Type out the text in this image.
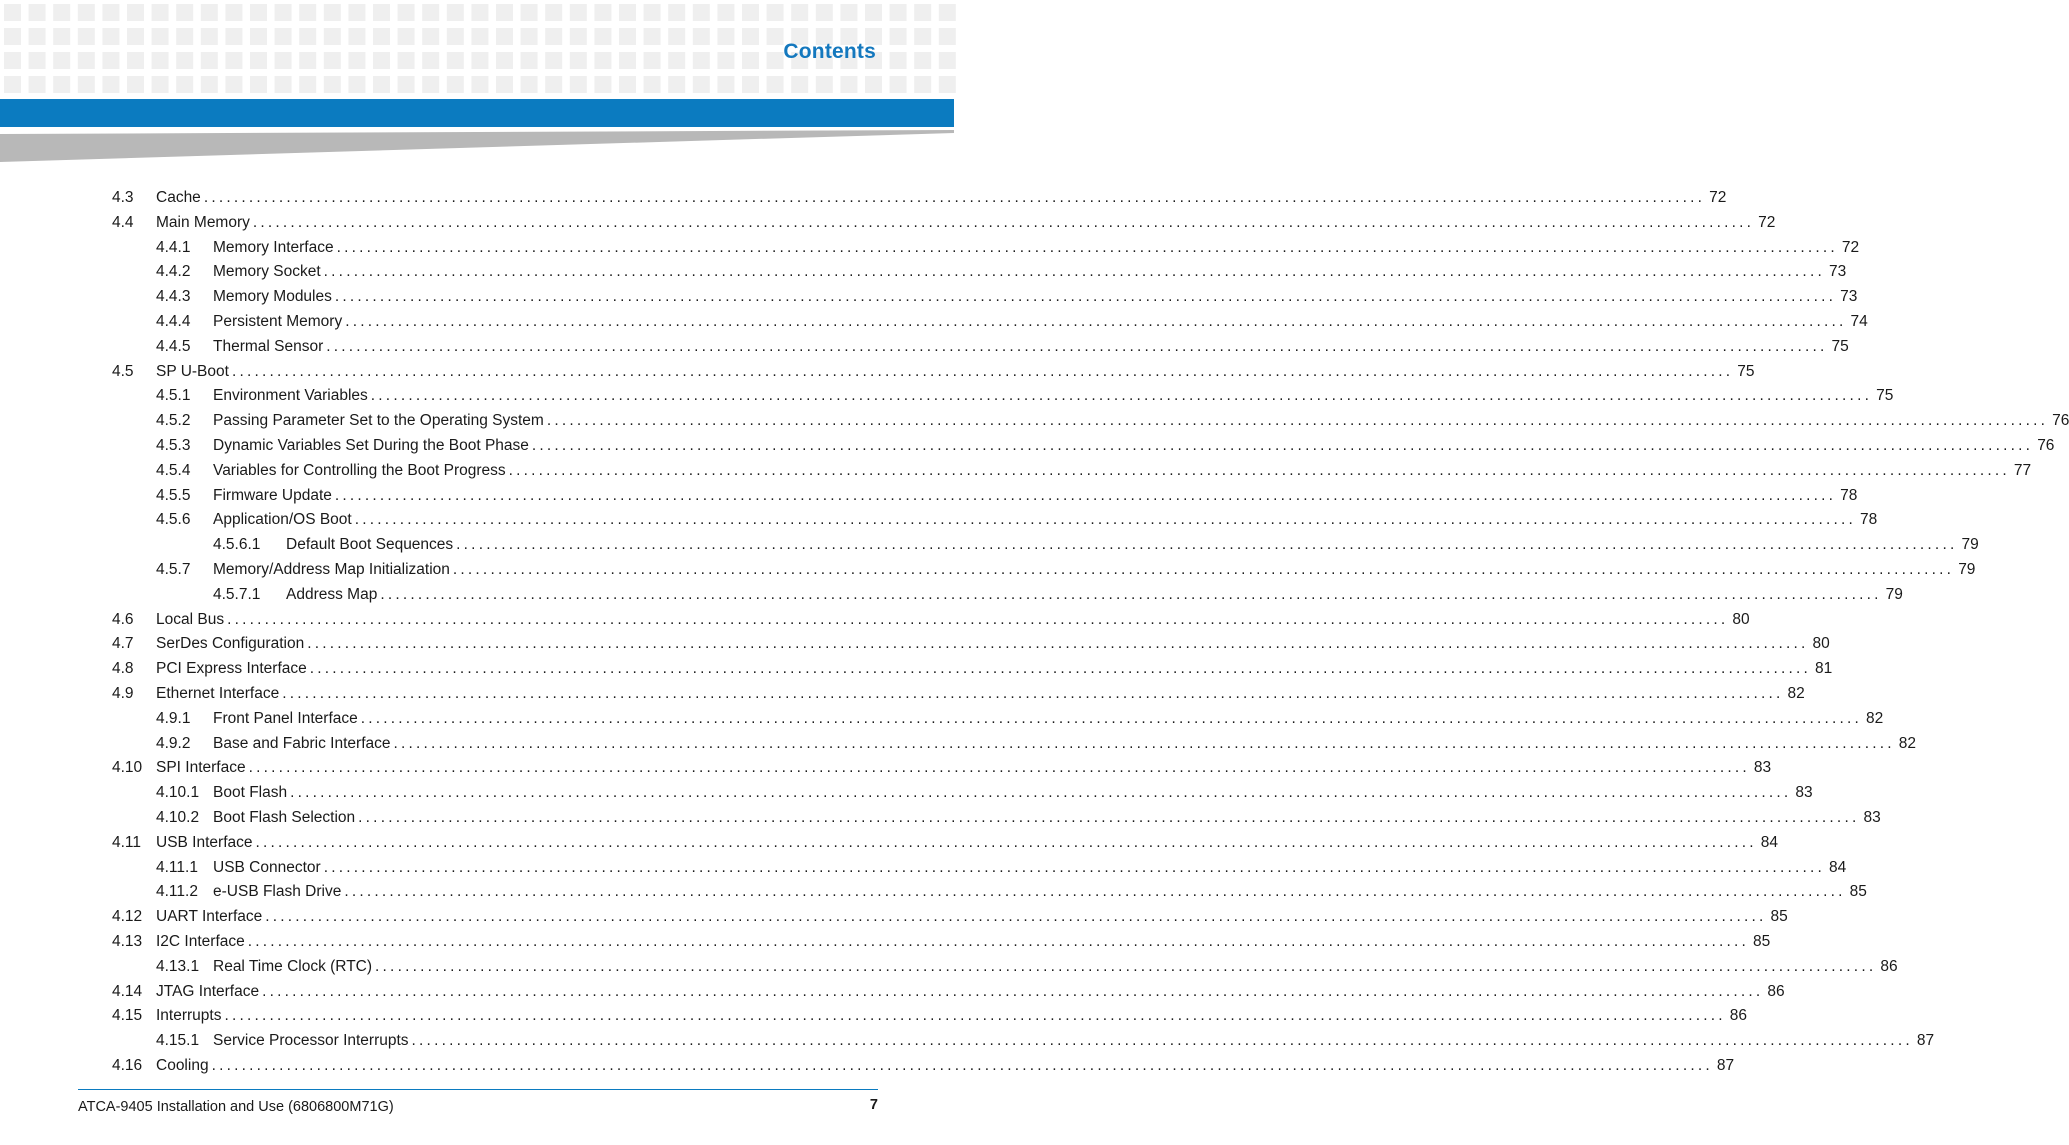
Contents
4.3 Cache ........................................................................................................................................................................................................ 72
4.4 Main Memory ........................................................................................................................................................................................................ 72
4.4.1 Memory Interface ........................................................................................................................................................................................................ 72
4.4.2 Memory Socket ........................................................................................................................................................................................................ 73
4.4.3 Memory Modules ........................................................................................................................................................................................................ 73
4.4.4 Persistent Memory ........................................................................................................................................................................................................ 74
4.4.5 Thermal Sensor ........................................................................................................................................................................................................ 75
4.5 SP U-Boot ........................................................................................................................................................................................................ 75
4.5.1 Environment Variables ........................................................................................................................................................................................................ 75
4.5.2 Passing Parameter Set to the Operating System ........................................................................................................................................................................................................ 76
4.5.3 Dynamic Variables Set During the Boot Phase ........................................................................................................................................................................................................ 76
4.5.4 Variables for Controlling the Boot Progress ........................................................................................................................................................................................................ 77
4.5.5 Firmware Update ........................................................................................................................................................................................................ 78
4.5.6 Application/OS Boot ........................................................................................................................................................................................................ 78
4.5.6.1 Default Boot Sequences ........................................................................................................................................................................................................ 79
4.5.7 Memory/Address Map Initialization ........................................................................................................................................................................................................ 79
4.5.7.1 Address Map ........................................................................................................................................................................................................ 79
4.6 Local Bus ........................................................................................................................................................................................................ 80
4.7 SerDes Configuration ........................................................................................................................................................................................................ 80
4.8 PCI Express Interface ........................................................................................................................................................................................................ 81
4.9 Ethernet Interface ........................................................................................................................................................................................................ 82
4.9.1 Front Panel Interface ........................................................................................................................................................................................................ 82
4.9.2 Base and Fabric Interface ........................................................................................................................................................................................................ 82
4.10 SPI Interface ........................................................................................................................................................................................................ 83
4.10.1 Boot Flash ........................................................................................................................................................................................................ 83
4.10.2 Boot Flash Selection ........................................................................................................................................................................................................ 83
4.11 USB Interface ........................................................................................................................................................................................................ 84
4.11.1 USB Connector ........................................................................................................................................................................................................ 84
4.11.2 e-USB Flash Drive ........................................................................................................................................................................................................ 85
4.12 UART Interface ........................................................................................................................................................................................................ 85
4.13 I2C Interface ........................................................................................................................................................................................................ 85
4.13.1 Real Time Clock (RTC) ........................................................................................................................................................................................................ 86
4.14 JTAG Interface ........................................................................................................................................................................................................ 86
4.15 Interrupts ........................................................................................................................................................................................................ 86
4.15.1 Service Processor Interrupts ........................................................................................................................................................................................................ 87
4.16 Cooling ........................................................................................................................................................................................................ 87
ATCA-9405 Installation and Use (6806800M71G)	7
